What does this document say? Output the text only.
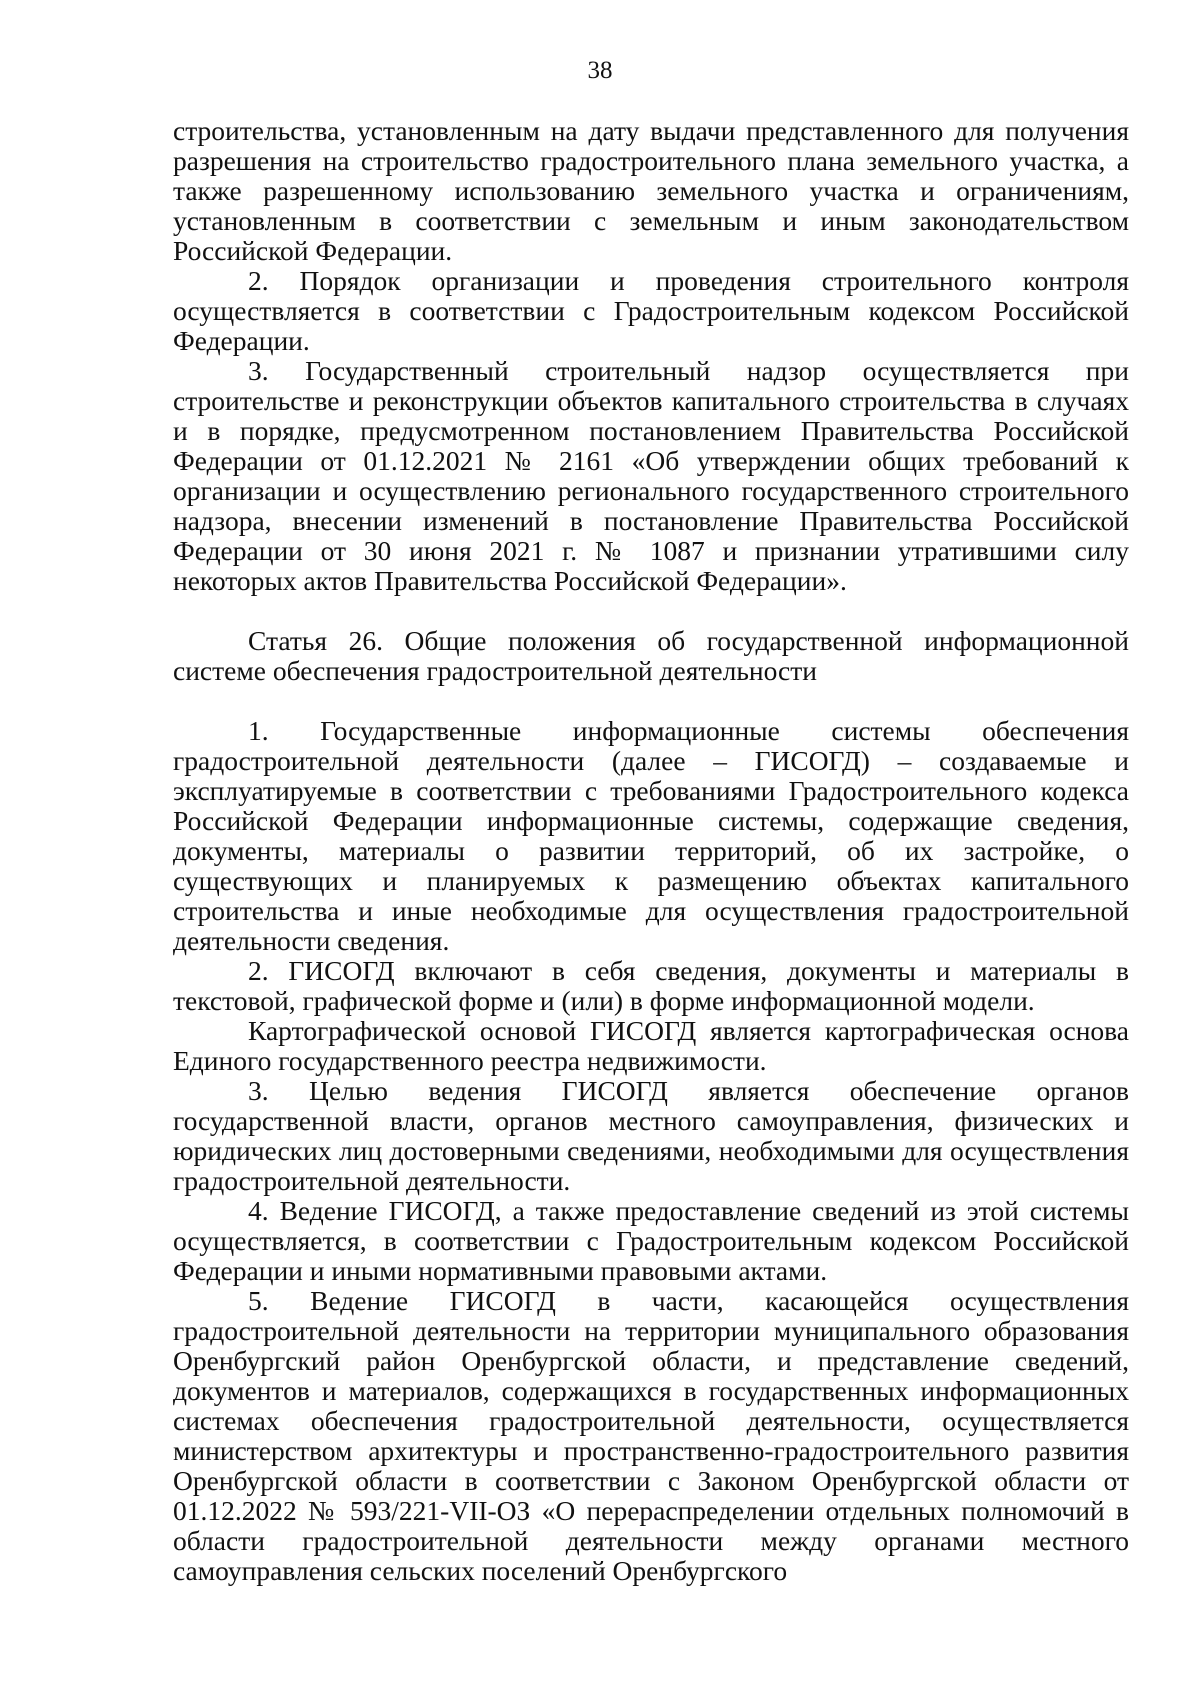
38

строительства, установленным на дату выдачи представленного для получения разрешения на строительство градостроительного плана земельного участка, а также разрешенному использованию земельного участка и ограничениям, установленным в соответствии с земельным и иным законодательством Российской Федерации.

2. Порядок организации и проведения строительного контроля осуществляется в соответствии с Градостроительным кодексом Российской Федерации.

3. Государственный строительный надзор осуществляется при строительстве и реконструкции объектов капитального строительства в случаях и в порядке, предусмотренном постановлением Правительства Российской Федерации от 01.12.2021 № 2161 «Об утверждении общих требований к организации и осуществлению регионального государственного строительного надзора, внесении изменений в постановление Правительства Российской Федерации от 30 июня 2021 г. № 1087 и признании утратившими силу некоторых актов Правительства Российской Федерации».

Статья 26. Общие положения об государственной информационной системе обеспечения градостроительной деятельности

1. Государственные информационные системы обеспечения градостроительной деятельности (далее – ГИСОГД) – создаваемые и эксплуатируемые в соответствии с требованиями Градостроительного кодекса Российской Федерации информационные системы, содержащие сведения, документы, материалы о развитии территорий, об их застройке, о существующих и планируемых к размещению объектах капитального строительства и иные необходимые для осуществления градостроительной деятельности сведения.

2. ГИСОГД включают в себя сведения, документы и материалы в текстовой, графической форме и (или) в форме информационной модели.

Картографической основой ГИСОГД является картографическая основа Единого государственного реестра недвижимости.

3. Целью ведения ГИСОГД является обеспечение органов государственной власти, органов местного самоуправления, физических и юридических лиц достоверными сведениями, необходимыми для осуществления градостроительной деятельности.

4. Ведение ГИСОГД, а также предоставление сведений из этой системы осуществляется, в соответствии с Градостроительным кодексом Российской Федерации и иными нормативными правовыми актами.

5. Ведение ГИСОГД в части, касающейся осуществления градостроительной деятельности на территории муниципального образования Оренбургский район Оренбургской области, и представление сведений, документов и материалов, содержащихся в государственных информационных системах обеспечения градостроительной деятельности, осуществляется министерством архитектуры и пространственно-градостроительного развития Оренбургской области в соответствии с Законом Оренбургской области от 01.12.2022 № 593/221-VII-ОЗ «О перераспределении отдельных полномочий в области градостроительной деятельности между органами местного самоуправления сельских поселений Оренбургского
